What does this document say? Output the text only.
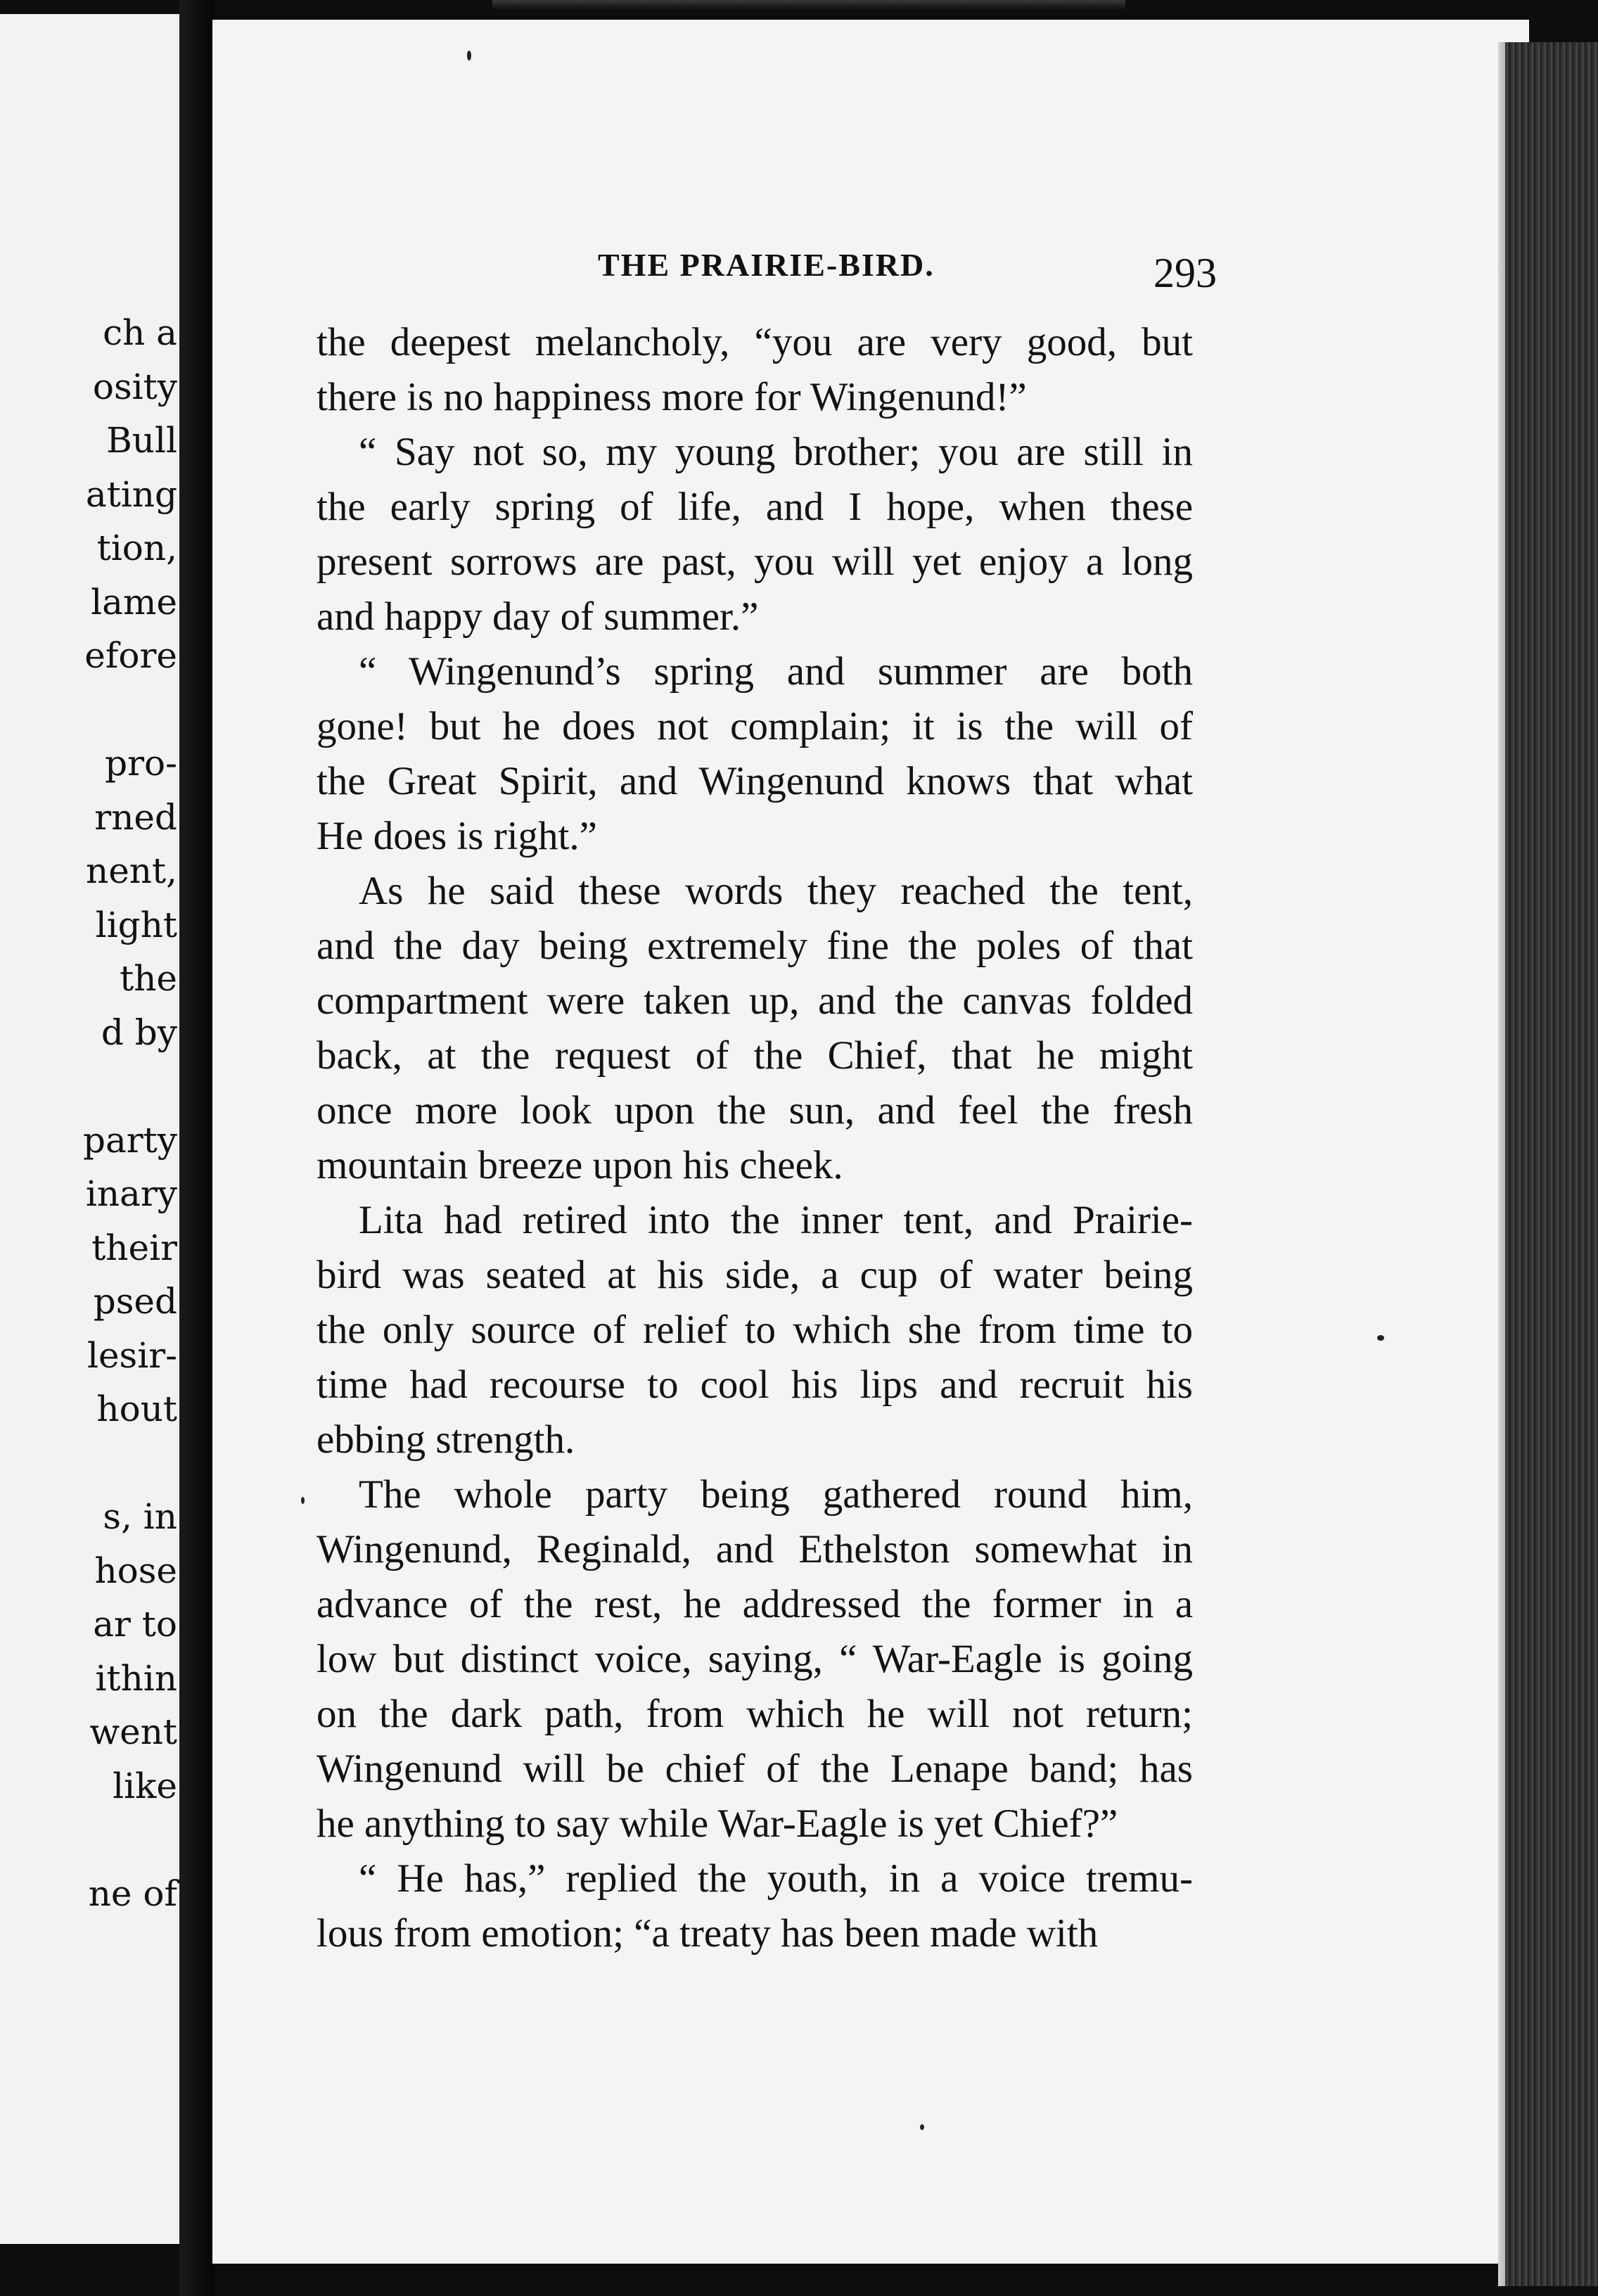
ch a
osity
Bull
ating
tion,
lame
efore
pro-
rned
nent,
light
the
d by
party
inary
their
psed
lesir-
hout
s, in
hose
ar to
ithin
went
like
ne of
THE PRAIRIE-BIRD.	293

the deepest melancholy, “you are very good, but
there is no happiness more for Wingenund!”

“ Say not so, my young brother; you are still in
the early spring of life, and I hope, when these
present sorrows are past, you will yet enjoy a long
and happy day of summer.”

“ Wingenund’s spring and summer are both
gone! but he does not complain; it is the will of
the Great Spirit, and Wingenund knows that what
He does is right.”

As he said these words they reached the tent,
and the day being extremely fine the poles of that
compartment were taken up, and the canvas folded
back, at the request of the Chief, that he might
once more look upon the sun, and feel the fresh
mountain breeze upon his cheek.

Lita had retired into the inner tent, and Prairie-
bird was seated at his side, a cup of water being
the only source of relief to which she from time to
time had recourse to cool his lips and recruit his
ebbing strength.

The whole party being gathered round him,
Wingenund, Reginald, and Ethelston somewhat in
advance of the rest, he addressed the former in a
low but distinct voice, saying, “ War-Eagle is going
on the dark path, from which he will not return;
Wingenund will be chief of the Lenape band; has
he anything to say while War-Eagle is yet Chief?”

“ He has,” replied the youth, in a voice tremu-
lous from emotion; “a treaty has been made with
